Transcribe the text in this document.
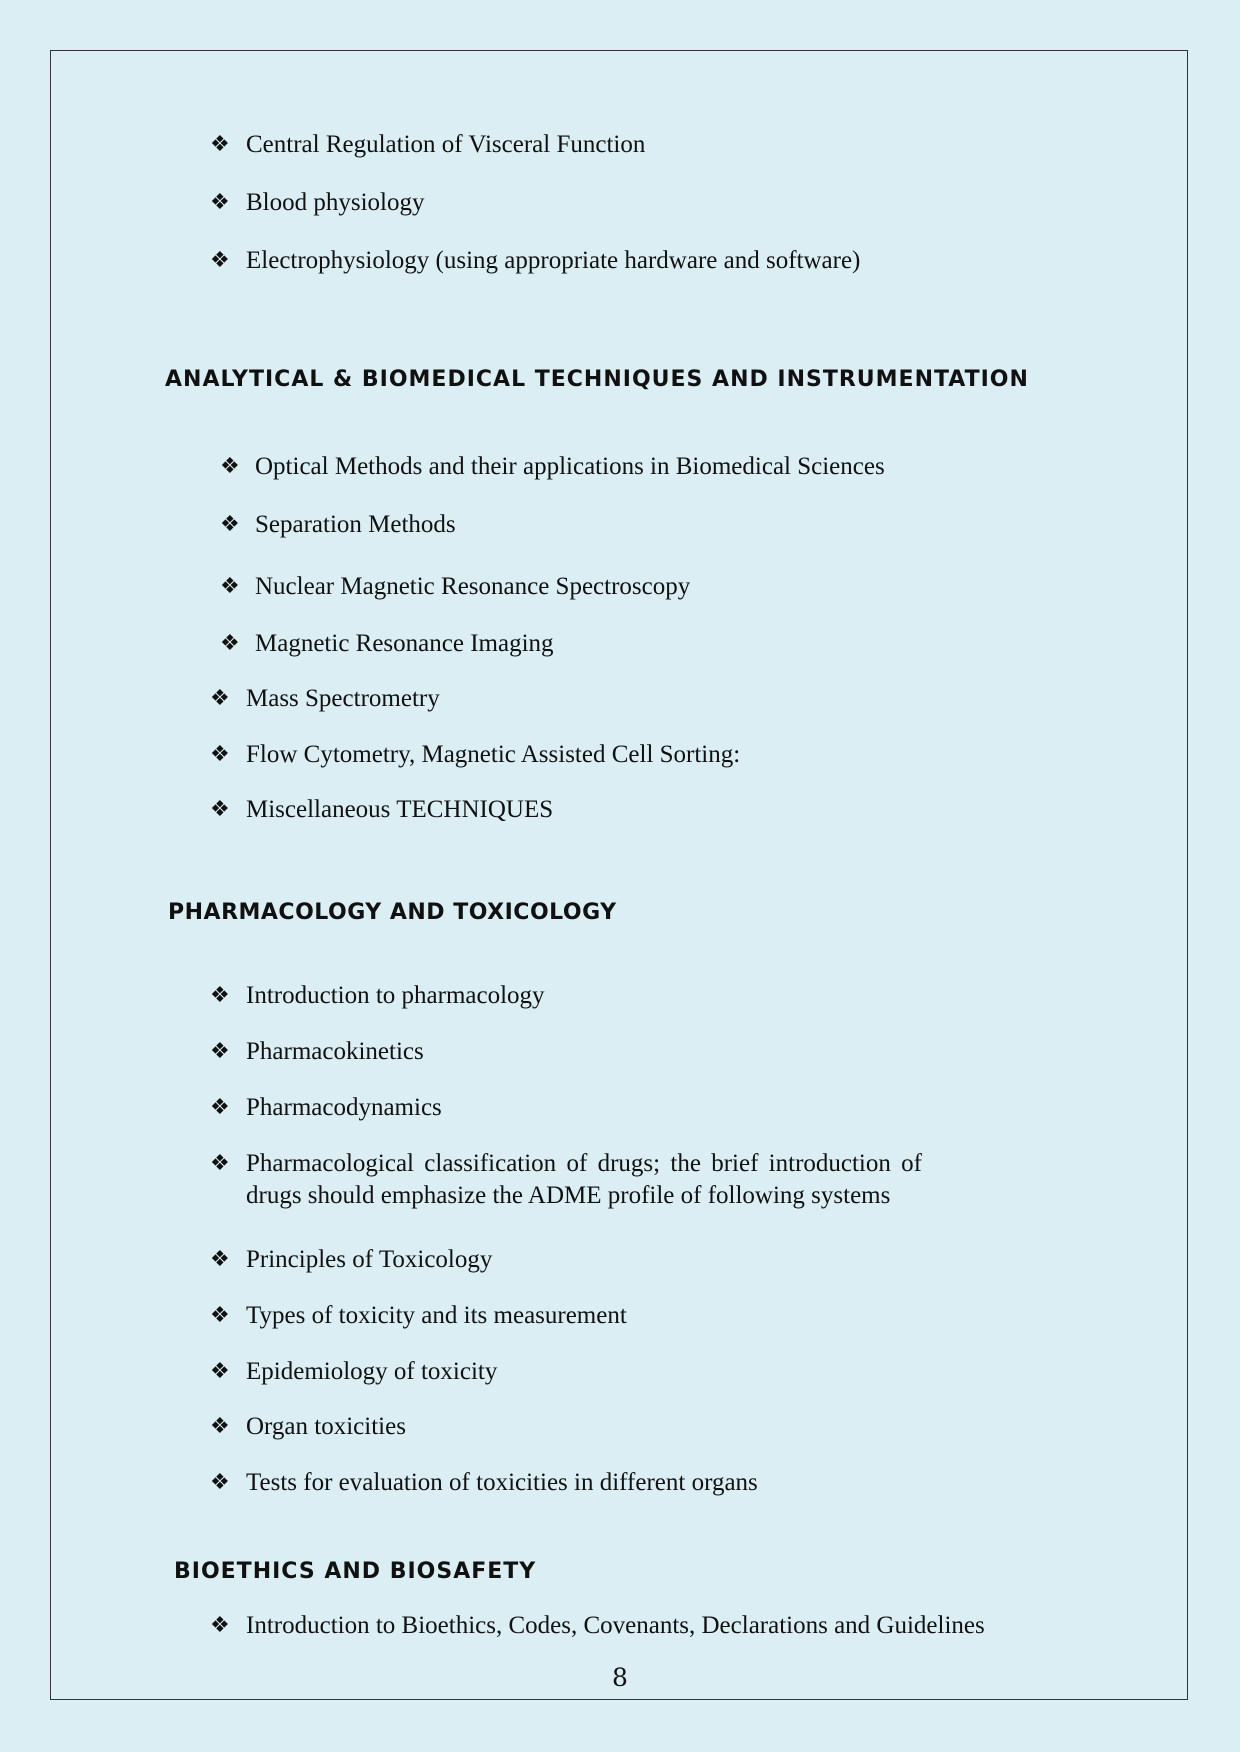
❖ Central Regulation of Visceral Function
❖ Blood physiology
❖ Electrophysiology (using appropriate hardware and software)
ANALYTICAL & BIOMEDICAL TECHNIQUES AND INSTRUMENTATION
❖ Optical Methods and their applications in Biomedical Sciences
❖ Separation Methods
❖ Nuclear Magnetic Resonance Spectroscopy
❖ Magnetic Resonance Imaging
❖ Mass Spectrometry
❖ Flow Cytometry, Magnetic Assisted Cell Sorting:
❖ Miscellaneous TECHNIQUES
PHARMACOLOGY AND TOXICOLOGY
❖ Introduction to pharmacology
❖ Pharmacokinetics
❖ Pharmacodynamics
❖ Pharmacological classification of drugs; the brief introduction of drugs should emphasize the ADME profile of following systems
❖ Principles of Toxicology
❖ Types of toxicity and its measurement
❖ Epidemiology of toxicity
❖ Organ toxicities
❖ Tests for evaluation of toxicities in different organs
BIOETHICS AND BIOSAFETY
❖ Introduction to Bioethics, Codes, Covenants, Declarations and Guidelines
8
